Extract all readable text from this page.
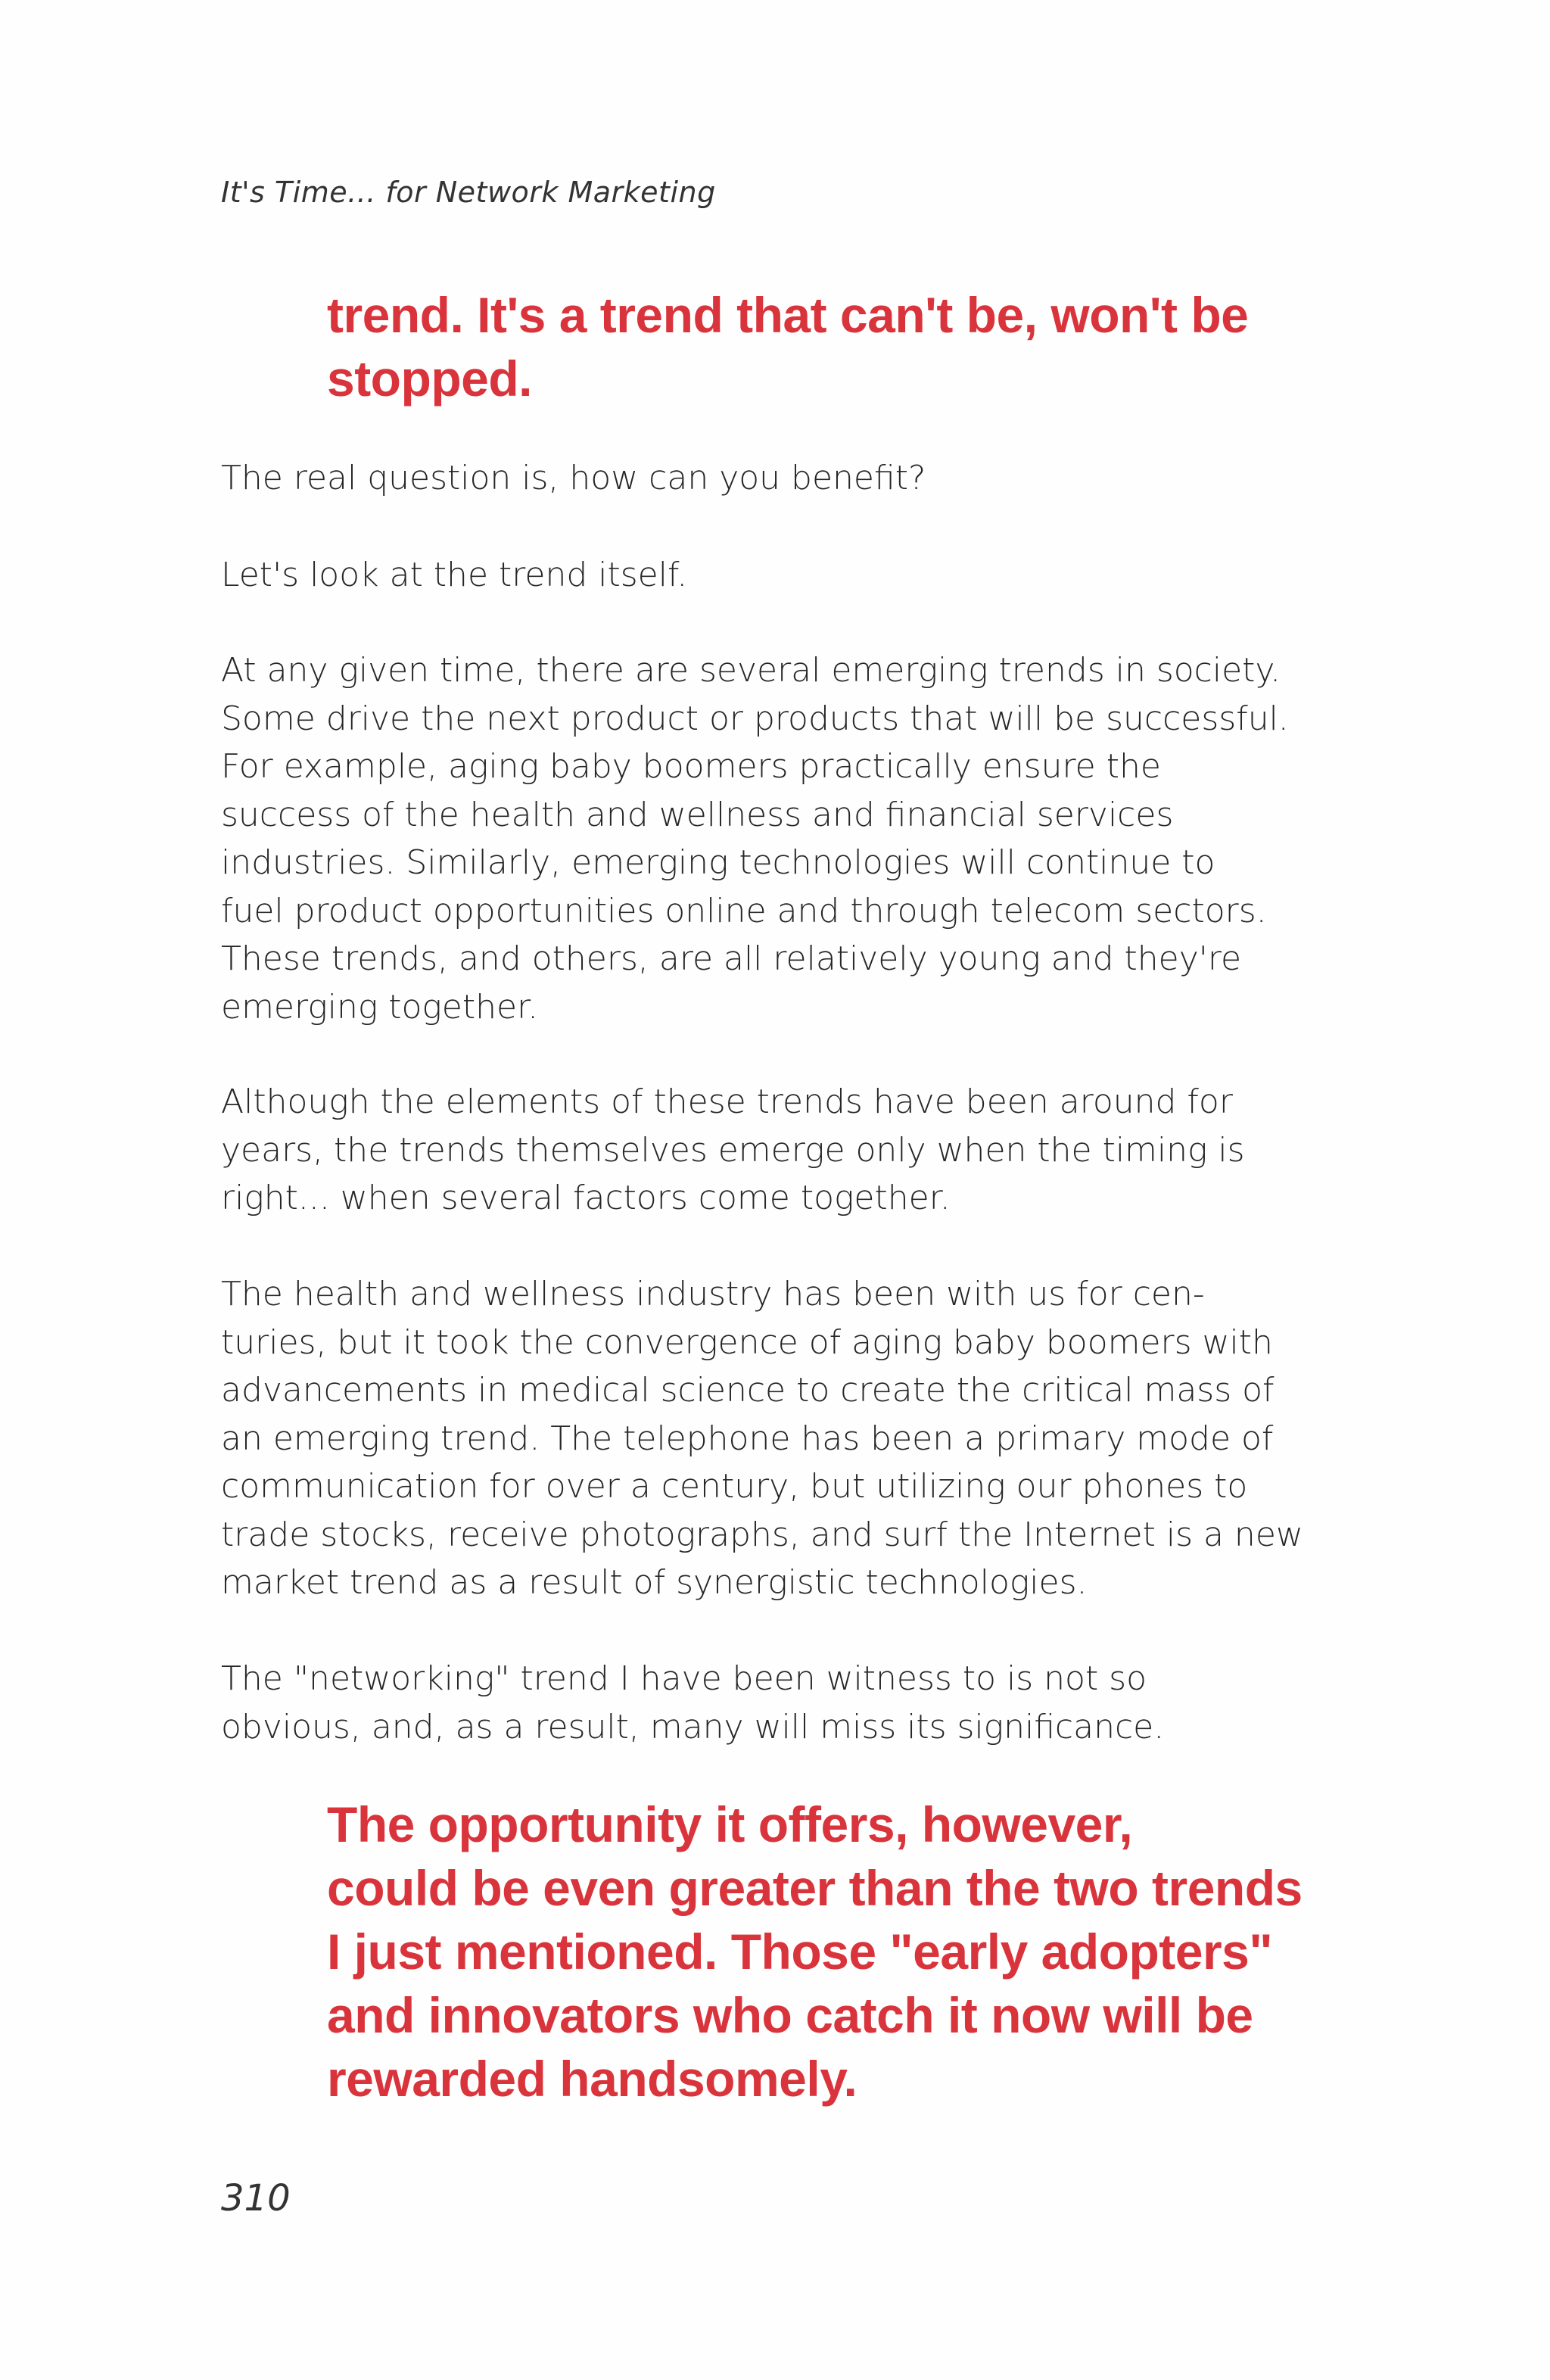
It's Time... for Network Marketing
trend. It's a trend that can't be, won't be
stopped.

The real question is, how can you benefit?

Let's look at the trend itself.

At any given time, there are several emerging trends in society.
Some drive the next product or products that will be successful.
For example, aging baby boomers practically ensure the
success of the health and wellness and financial services
industries. Similarly, emerging technologies will continue to
fuel product opportunities online and through telecom sectors.
These trends, and others, are all relatively young and they're
emerging together.

Although the elements of these trends have been around for
years, the trends themselves emerge only when the timing is
right... when several factors come together.

The health and wellness industry has been with us for cen-
turies, but it took the convergence of aging baby boomers with
advancements in medical science to create the critical mass of
an emerging trend. The telephone has been a primary mode of
communication for over a century, but utilizing our phones to
trade stocks, receive photographs, and surf the Internet is a new
market trend as a result of synergistic technologies.

The "networking" trend I have been witness to is not so
obvious, and, as a result, many will miss its significance.

The opportunity it offers, however,
could be even greater than the two trends
I just mentioned. Those "early adopters"
and innovators who catch it now will be
rewarded handsomely.
310
